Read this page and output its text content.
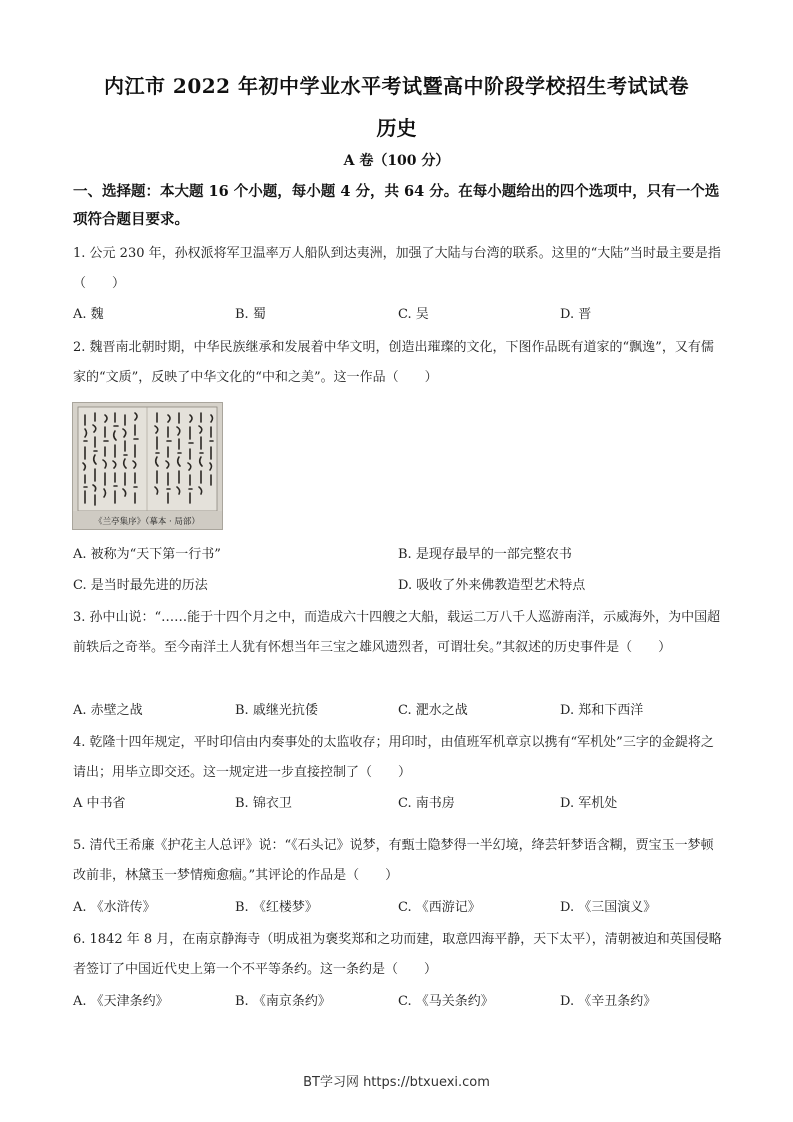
内江市 2022 年初中学业水平考试暨高中阶段学校招生考试试卷
历史
A 卷（100 分）
一、选择题：本大题 16 个小题，每小题 4 分，共 64 分。在每小题给出的四个选项中，只有一个选项符合题目要求。
1. 公元 230 年，孙权派将军卫温率万人船队到达夷洲，加强了大陆与台湾的联系。这里的“大陆”当时最主要是指（　　）
A. 魏	B. 蜀	C. 吴	D. 晋
2. 魏晋南北朝时期，中华民族继承和发展着中华文明，创造出璀璨的文化，下图作品既有道家的“飘逸”，又有儒家的“文质”，反映了中华文化的“中和之美”。这一作品（　　）
《兰亭集序》（摹本 · 局部）
A. 被称为“天下第一行书”	B. 是现存最早的一部完整农书
C. 是当时最先进的历法	D. 吸收了外来佛教造型艺术特点
3. 孙中山说：“……能于十四个月之中，而造成六十四艘之大船，载运二万八千人巡游南洋，示威海外，为中国超前轶后之奇举。至今南洋土人犹有怀想当年三宝之雄风遗烈者，可谓壮矣。”其叙述的历史事件是（　　）
A. 赤壁之战	B. 戚继光抗倭	C. 淝水之战	D. 郑和下西洋
4. 乾隆十四年规定，平时印信由内奏事处的太监收存；用印时，由值班军机章京以携有“军机处”三字的金鍉将之请出；用毕立即交还。这一规定进一步直接控制了（　　）
A 中书省	B. 锦衣卫	C. 南书房	D. 军机处
5. 清代王希廉《护花主人总评》说：“《石头记》说梦，有甄士隐梦得一半幻境，绛芸轩梦语含糊，贾宝玉一梦顿改前非，林黛玉一梦情痴愈痼。”其评论的作品是（　　）
A. 《水浒传》	B. 《红楼梦》	C. 《西游记》	D. 《三国演义》
6. 1842 年 8 月，在南京静海寺（明成祖为褒奖郑和之功而建，取意四海平静，天下太平），清朝被迫和英国侵略者签订了中国近代史上第一个不平等条约。这一条约是（　　）
A. 《天津条约》	B. 《南京条约》	C. 《马关条约》	D. 《辛丑条约》
BT学习网 https://btxuexi.com
